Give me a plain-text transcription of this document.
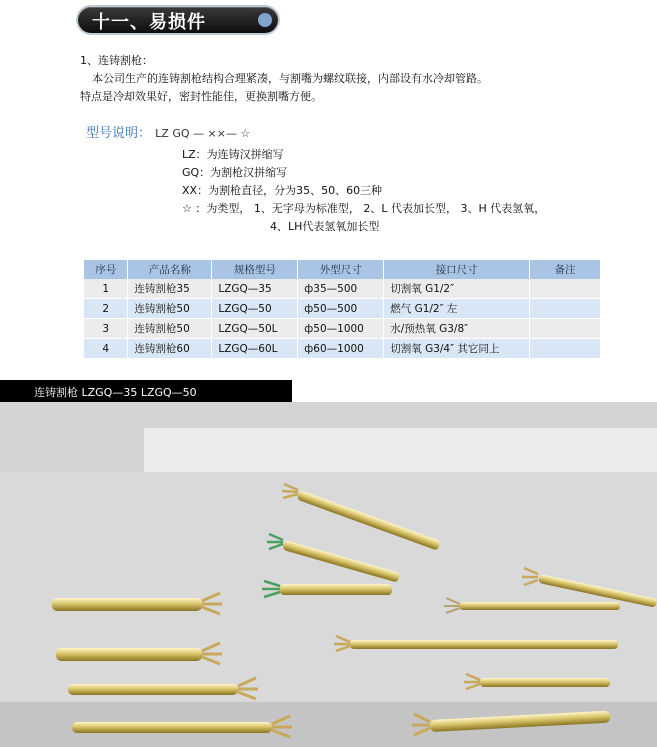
十一、易损件
1、连铸割枪：
本公司生产的连铸割枪结构合理紧凑，与割嘴为螺纹联接，内部设有水冷却管路。
特点是冷却效果好，密封性能佳，更换割嘴方便。
型号说明： LZ GQ — ××— ☆
LZ：为连铸汉拼缩写
GQ：为割枪汉拼缩写
XX：为割枪直径，分为35、50、60三种
☆ ：为类型， 1、无字母为标准型， 2、L 代表加长型， 3、H 代表氢氧，
4、LH代表氢氧加长型
序号	产品名称	规格型号	外型尺寸	接口尺寸	备注
1	连铸割枪35	LZGQ—35	ф35—500	切割氧 G1/2″	
2	连铸割枪50	LZGQ—50	ф50—500	燃气 G1/2″ 左	
3	连铸割枪50	LZGQ—50L	ф50—1000	水/预热氧 G3/8″	
4	连铸割枪60	LZGQ—60L	ф60—1000	切割氧 G3/4″ 其它同上	
连铸割枪 LZGQ—35 LZGQ—50
